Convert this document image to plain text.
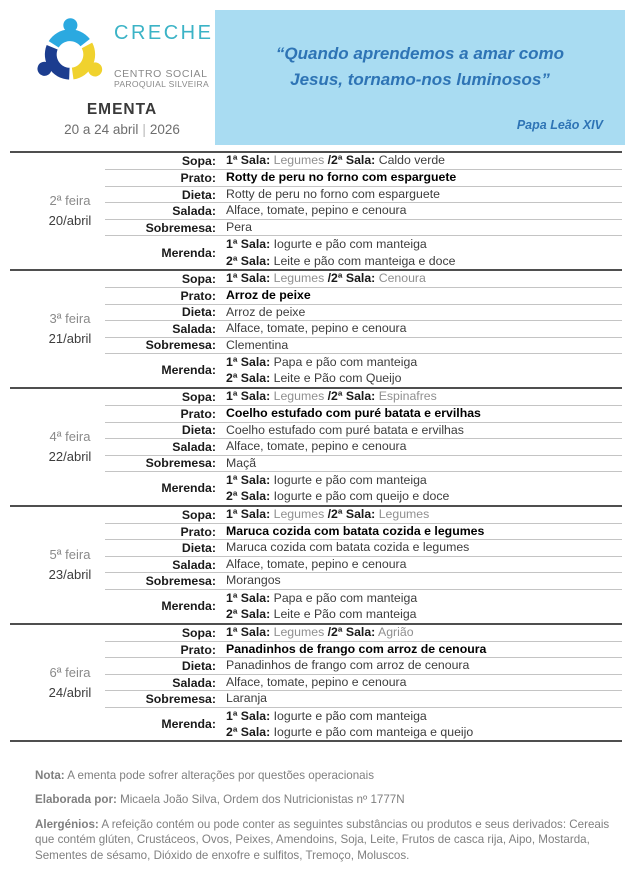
CRECHE
CENTRO SOCIAL
PAROQUIAL SILVEIRA
EMENTA
20 a 24 abril | 2026
“Quando aprendemos a amar como
Jesus, tornamo-nos luminosos”
Papa Leão XIV
2ª feira
20/abril
Sopa: 1ª Sala: Legumes /2ª Sala: Caldo verde
Prato: Rotty de peru no forno com esparguete
Dieta: Rotty de peru no forno com esparguete
Salada: Alface, tomate, pepino e cenoura
Sobremesa: Pera
Merenda:
1ª Sala: Iogurte e pão com manteiga
2ª Sala: Leite e pão com manteiga e doce
3ª feira
21/abril
Sopa: 1ª Sala: Legumes /2ª Sala: Cenoura
Prato: Arroz de peixe
Dieta: Arroz de peixe
Salada: Alface, tomate, pepino e cenoura
Sobremesa: Clementina
Merenda:
1ª Sala: Papa e pão com manteiga
2ª Sala: Leite e Pão com Queijo
4ª feira
22/abril
Sopa: 1ª Sala: Legumes /2ª Sala: Espinafres
Prato: Coelho estufado com puré batata e ervilhas
Dieta: Coelho estufado com puré batata e ervilhas
Salada: Alface, tomate, pepino e cenoura
Sobremesa: Maçã
Merenda:
1ª Sala: Iogurte e pão com manteiga
2ª Sala: Iogurte e pão com queijo e doce
5ª feira
23/abril
Sopa: 1ª Sala: Legumes /2ª Sala: Legumes
Prato: Maruca cozida com batata cozida e legumes
Dieta: Maruca cozida com batata cozida e legumes
Salada: Alface, tomate, pepino e cenoura
Sobremesa: Morangos
Merenda:
1ª Sala: Papa e pão com manteiga
2ª Sala: Leite e Pão com manteiga
6ª feira
24/abril
Sopa: 1ª Sala: Legumes /2ª Sala: Agrião
Prato: Panadinhos de frango com arroz de cenoura
Dieta: Panadinhos de frango com arroz de cenoura
Salada: Alface, tomate, pepino e cenoura
Sobremesa: Laranja
Merenda:
1ª Sala: Iogurte e pão com manteiga
2ª Sala: Iogurte e pão com manteiga e queijo

Nota: A ementa pode sofrer alterações por questões operacionais

Elaborada por: Micaela João Silva, Ordem dos Nutricionistas nº 1777N

Alergénios: A refeição contém ou pode conter as seguintes substâncias ou produtos e seus derivados: Cereais que contém glúten, Crustáceos, Ovos, Peixes, Amendoins, Soja, Leite, Frutos de casca rija, Aipo, Mostarda, Sementes de sésamo, Dióxido de enxofre e sulfitos, Tremoço, Moluscos.
